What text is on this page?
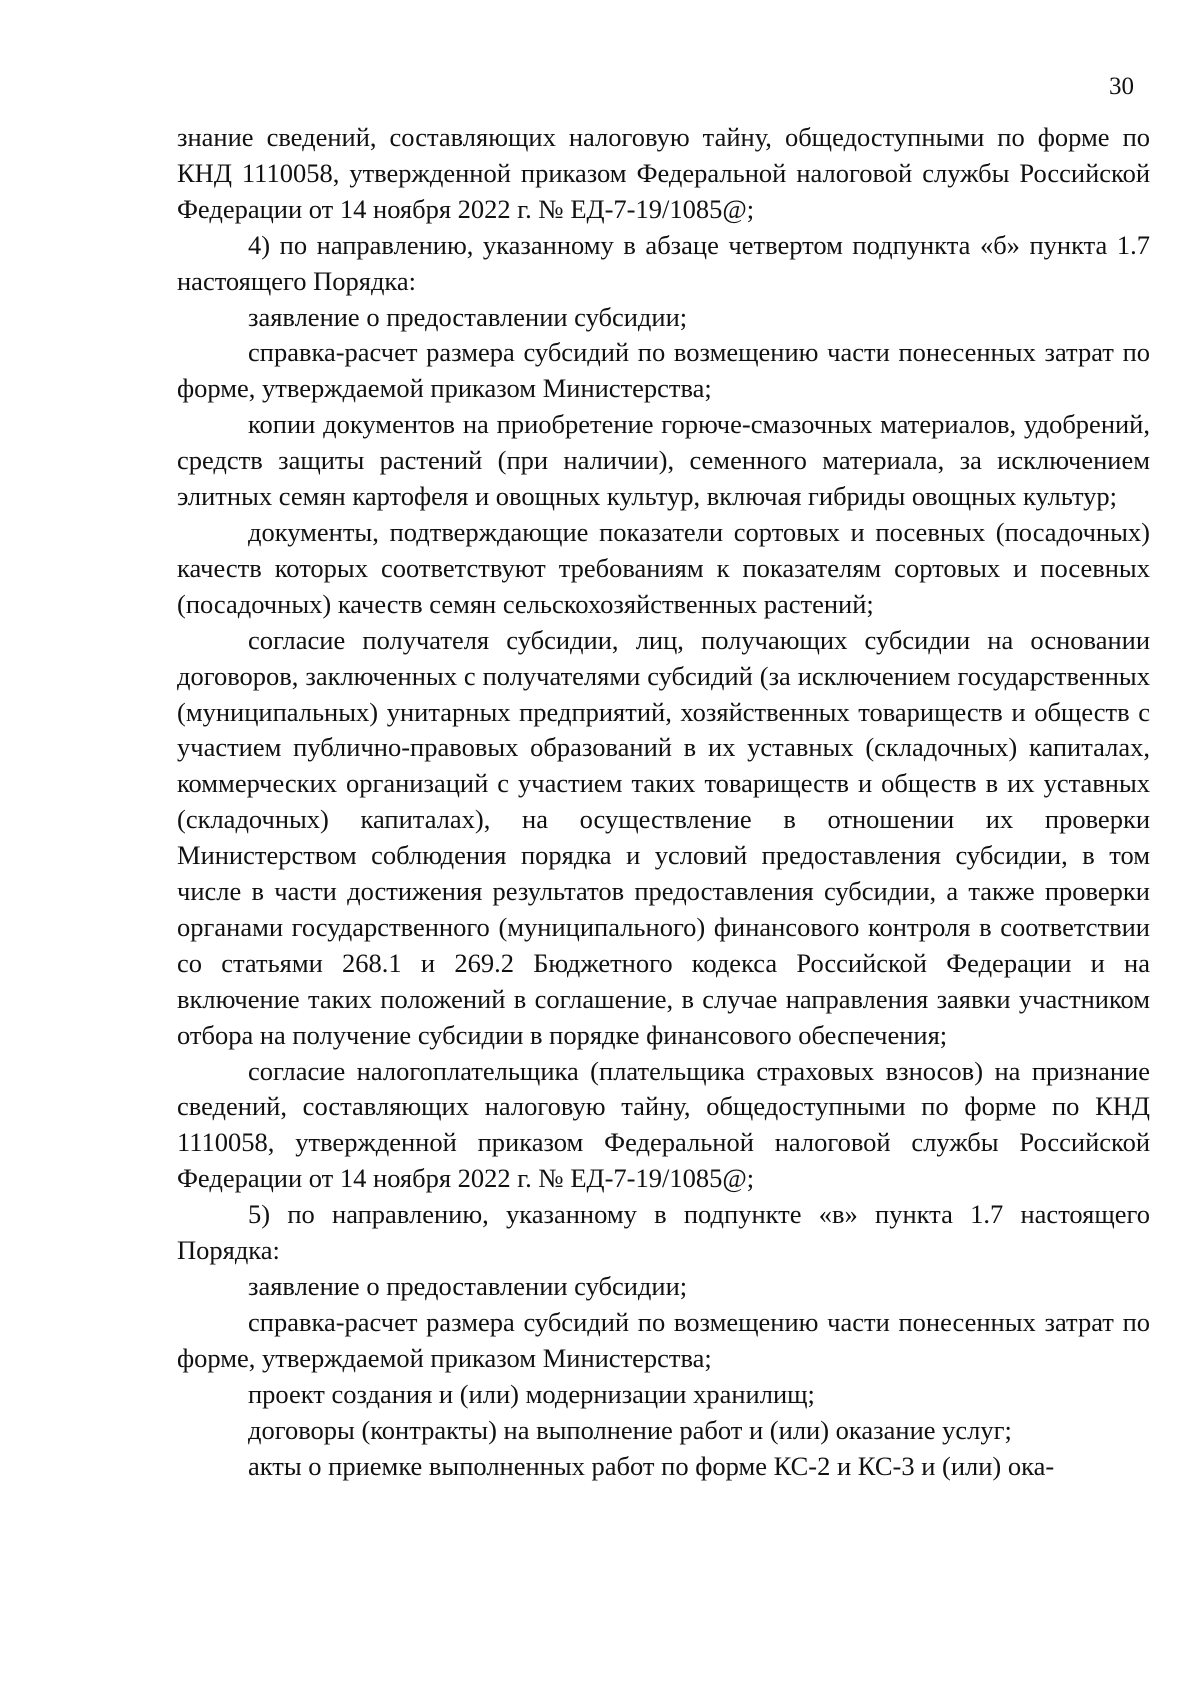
30

знание сведений, составляющих налоговую тайну, общедоступными по форме по КНД 1110058, утвержденной приказом Федеральной налоговой службы Российской Федерации от 14 ноября 2022 г. № ЕД-7-19/1085@;

4) по направлению, указанному в абзаце четвертом подпункта «б» пункта 1.7 настоящего Порядка:

заявление о предоставлении субсидии;

справка-расчет размера субсидий по возмещению части понесенных затрат по форме, утверждаемой приказом Министерства;

копии документов на приобретение горюче-смазочных материалов, удобрений, средств защиты растений (при наличии), семенного материала, за исключением элитных семян картофеля и овощных культур, включая гибриды овощных культур;

документы, подтверждающие показатели сортовых и посевных (посадочных) качеств которых соответствуют требованиям к показателям сортовых и посевных (посадочных) качеств семян сельскохозяйственных растений;

согласие получателя субсидии, лиц, получающих субсидии на основании договоров, заключенных с получателями субсидий (за исключением государственных (муниципальных) унитарных предприятий, хозяйственных товариществ и обществ с участием публично-правовых образований в их уставных (складочных) капиталах, коммерческих организаций с участием таких товариществ и обществ в их уставных (складочных) капиталах), на осуществление в отношении их проверки Министерством соблюдения порядка и условий предоставления субсидии, в том числе в части достижения результатов предоставления субсидии, а также проверки органами государственного (муниципального) финансового контроля в соответствии со статьями 268.1 и 269.2 Бюджетного кодекса Российской Федерации и на включение таких положений в соглашение, в случае направления заявки участником отбора на получение субсидии в порядке финансового обеспечения;

согласие налогоплательщика (плательщика страховых взносов) на признание сведений, составляющих налоговую тайну, общедоступными по форме по КНД 1110058, утвержденной приказом Федеральной налоговой службы Российской Федерации от 14 ноября 2022 г. № ЕД-7-19/1085@;

5) по направлению, указанному в подпункте «в» пункта 1.7 настоящего Порядка:

заявление о предоставлении субсидии;

справка-расчет размера субсидий по возмещению части понесенных затрат по форме, утверждаемой приказом Министерства;

проект создания и (или) модернизации хранилищ;

договоры (контракты) на выполнение работ и (или) оказание услуг;

акты о приемке выполненных работ по форме КС-2 и КС-3 и (или) ока-
